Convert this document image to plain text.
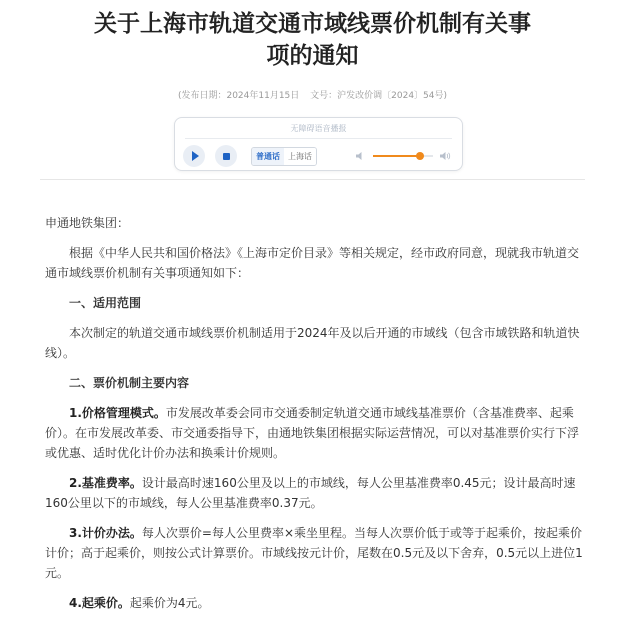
关于上海市轨道交通市域线票价机制有关事
项的通知
(发布日期：2024年11月15日 文号：沪发改价调〔2024〕54号)
无障碍语音播报
普通话	上海话

申通地铁集团：

根据《中华人民共和国价格法》《上海市定价目录》等相关规定，经市政府同意，现就我市轨道交通市域线票价机制有关事项通知如下：

一、适用范围

本次制定的轨道交通市域线票价机制适用于2024年及以后开通的市域线（包含市域铁路和轨道快线）。

二、票价机制主要内容

1.价格管理模式。市发展改革委会同市交通委制定轨道交通市域线基准票价（含基准费率、起乘价）。在市发展改革委、市交通委指导下，由通地铁集团根据实际运营情况，可以对基准票价实行下浮或优惠、适时优化计价办法和换乘计价规则。

2.基准费率。设计最高时速160公里及以上的市域线，每人公里基准费率0.45元；设计最高时速160公里以下的市域线，每人公里基准费率0.37元。

3.计价办法。每人次票价=每人公里费率×乘坐里程。当每人次票价低于或等于起乘价，按起乘价计价；高于起乘价，则按公式计算票价。市域线按元计价，尾数在0.5元及以下舍弃，0.5元以上进位1元。

4.起乘价。起乘价为4元。
